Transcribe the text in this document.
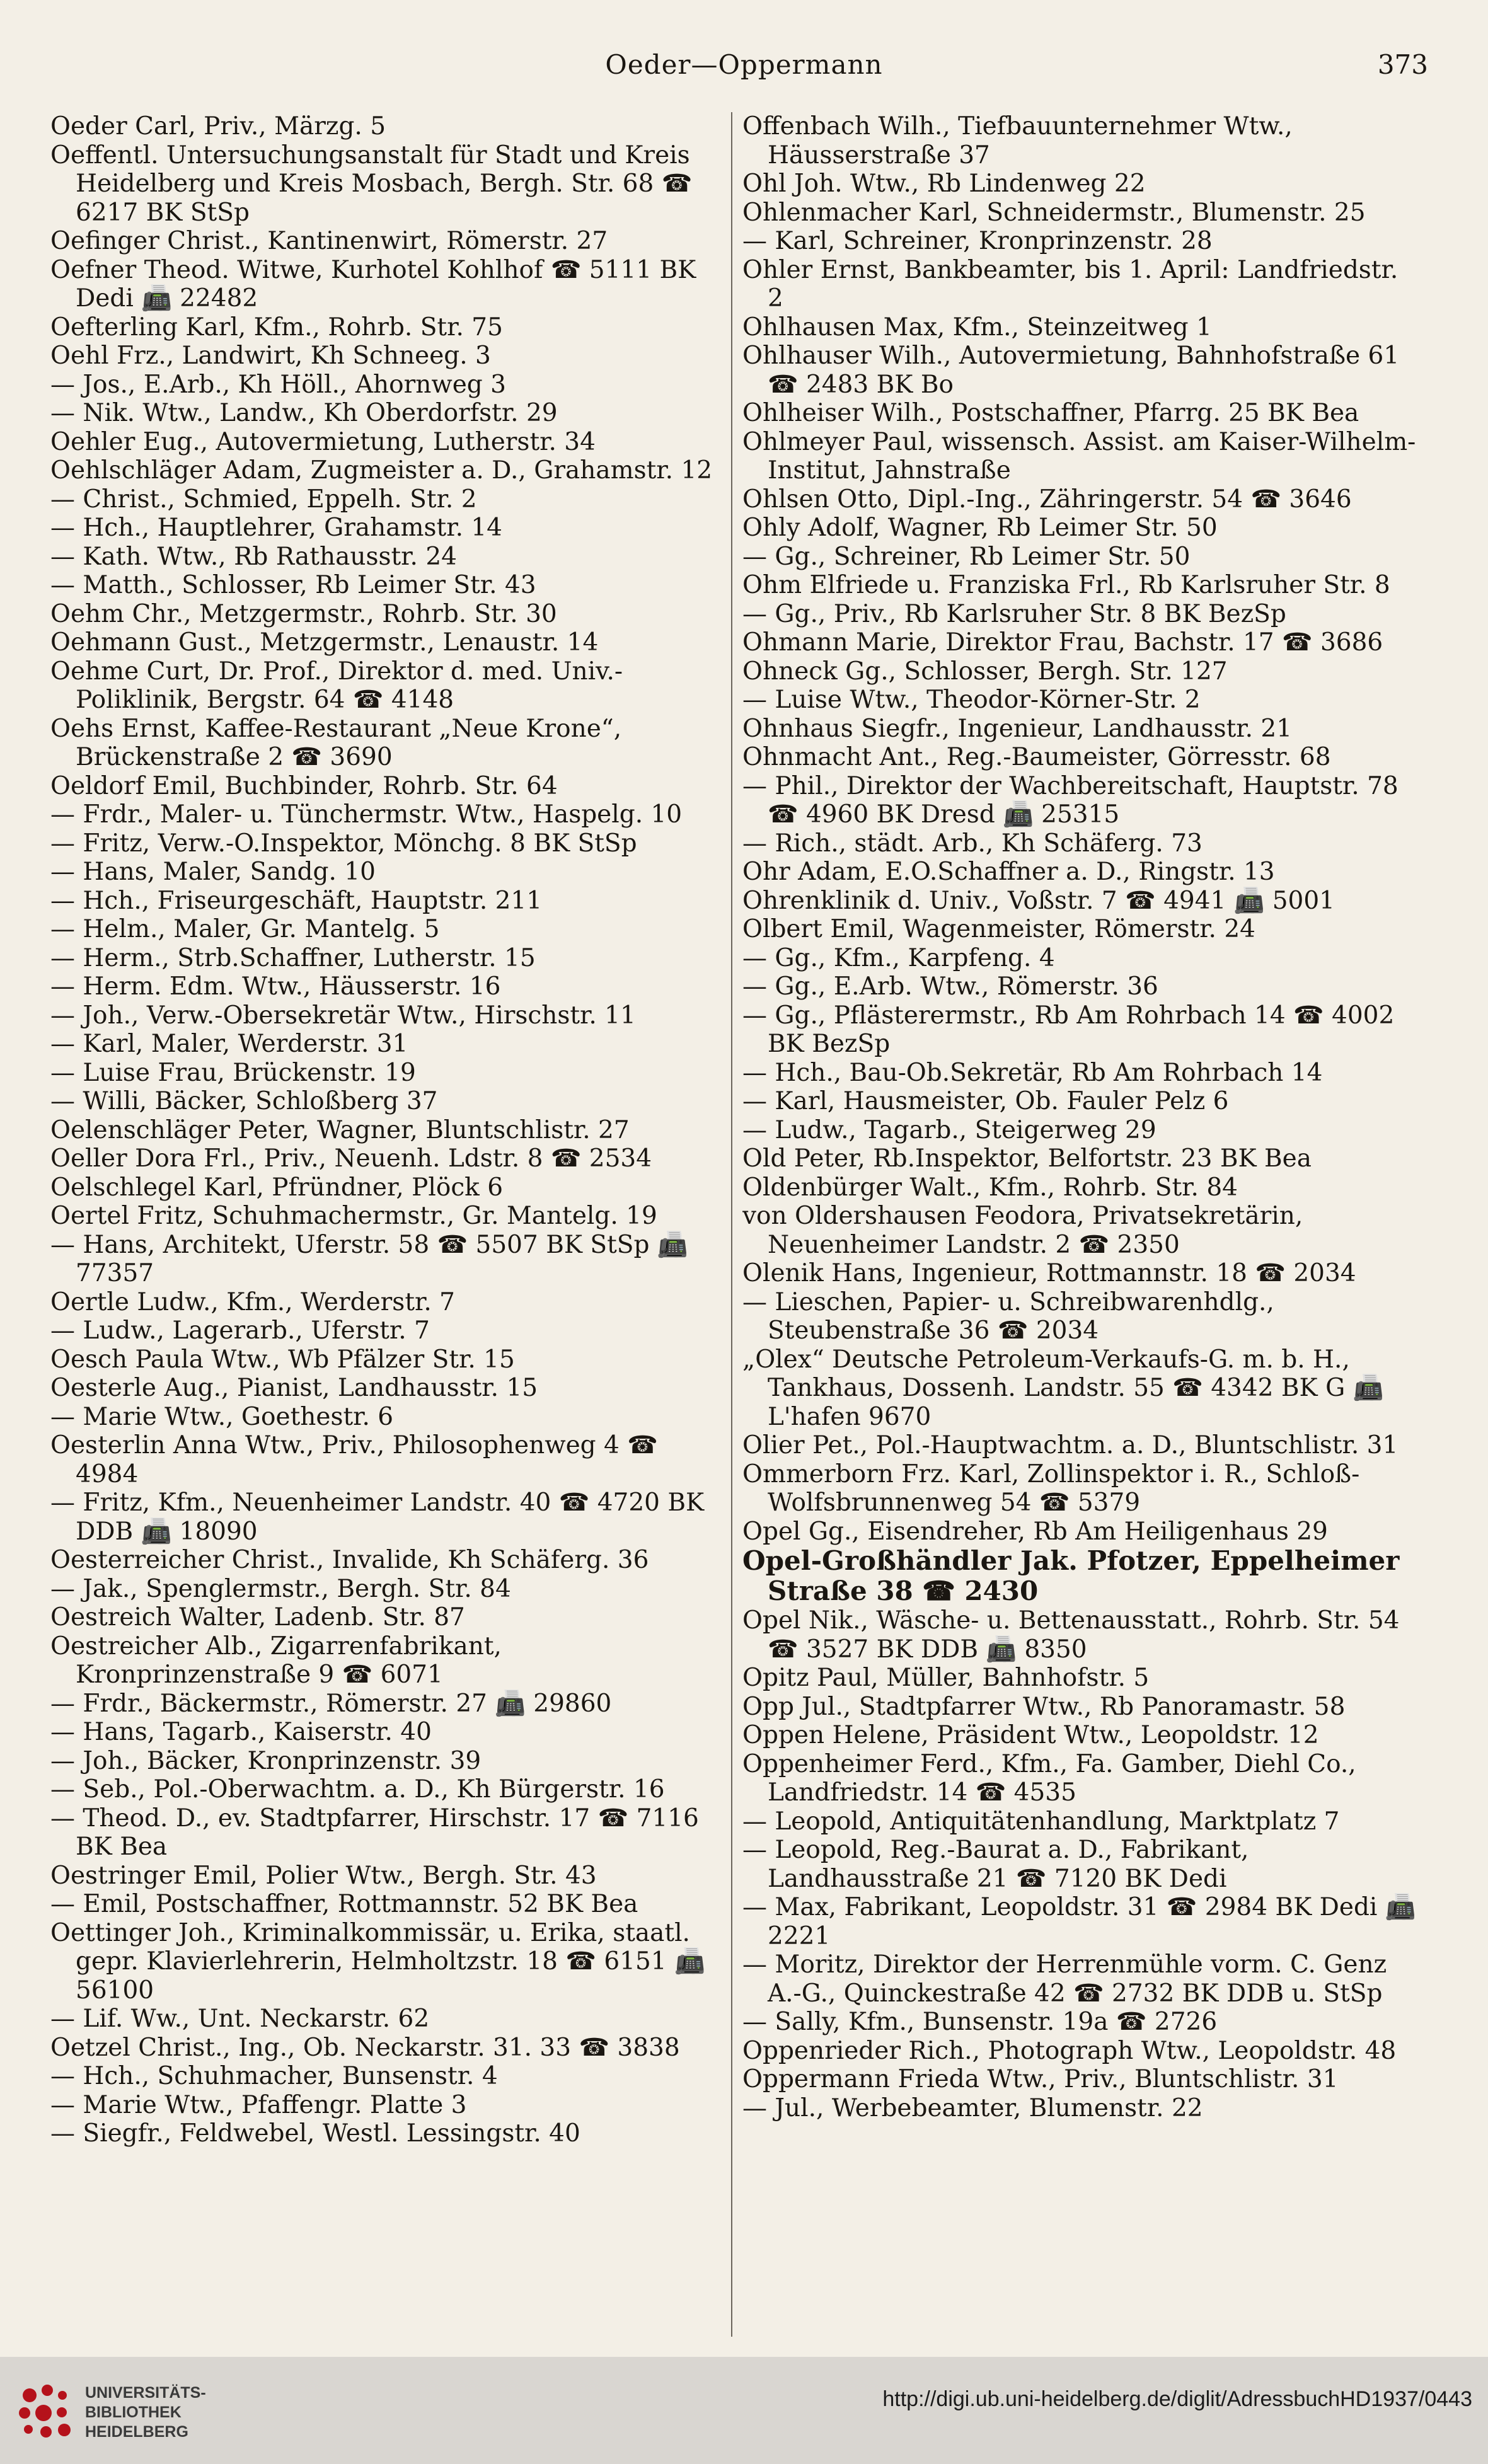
Oeder—Oppermann	373
Oeder Carl, Priv., Märzg. 5
Oeffentl. Untersuchungsanstalt für Stadt und Kreis Heidelberg und Kreis Mosbach, Bergh. Str. 68 ☎ 6217 BK StSp
Oefinger Christ., Kantinenwirt, Römerstr. 27
Oefner Theod. Witwe, Kurhotel Kohlhof ☎ 5111 BK Dedi 📠 22482
Oefterling Karl, Kfm., Rohrb. Str. 75
Oehl Frz., Landwirt, Kh Schneeg. 3
— Jos., E.Arb., Kh Höll., Ahornweg 3
— Nik. Wtw., Landw., Kh Oberdorfstr. 29
Oehler Eug., Autovermietung, Lutherstr. 34
Oehlschläger Adam, Zugmeister a. D., Grahamstr. 12
— Christ., Schmied, Eppelh. Str. 2
— Hch., Hauptlehrer, Grahamstr. 14
— Kath. Wtw., Rb Rathausstr. 24
— Matth., Schlosser, Rb Leimer Str. 43
Oehm Chr., Metzgermstr., Rohrb. Str. 30
Oehmann Gust., Metzgermstr., Lenaustr. 14
Oehme Curt, Dr. Prof., Direktor d. med. Univ.-Poliklinik, Bergstr. 64 ☎ 4148
Oehs Ernst, Kaffee-Restaurant „Neue Krone“, Brückenstraße 2 ☎ 3690
Oeldorf Emil, Buchbinder, Rohrb. Str. 64
— Frdr., Maler- u. Tünchermstr. Wtw., Haspelg. 10
— Fritz, Verw.-O.Inspektor, Mönchg. 8 BK StSp
— Hans, Maler, Sandg. 10
— Hch., Friseurgeschäft, Hauptstr. 211
— Helm., Maler, Gr. Mantelg. 5
— Herm., Strb.Schaffner, Lutherstr. 15
— Herm. Edm. Wtw., Häusserstr. 16
— Joh., Verw.-Obersekretär Wtw., Hirschstr. 11
— Karl, Maler, Werderstr. 31
— Luise Frau, Brückenstr. 19
— Willi, Bäcker, Schloßberg 37
Oelenschläger Peter, Wagner, Bluntschlistr. 27
Oeller Dora Frl., Priv., Neuenh. Ldstr. 8 ☎ 2534
Oelschlegel Karl, Pfründner, Plöck 6
Oertel Fritz, Schuhmachermstr., Gr. Mantelg. 19
— Hans, Architekt, Uferstr. 58 ☎ 5507 BK StSp 📠 77357
Oertle Ludw., Kfm., Werderstr. 7
— Ludw., Lagerarb., Uferstr. 7
Oesch Paula Wtw., Wb Pfälzer Str. 15
Oesterle Aug., Pianist, Landhausstr. 15
— Marie Wtw., Goethestr. 6
Oesterlin Anna Wtw., Priv., Philosophenweg 4 ☎ 4984
— Fritz, Kfm., Neuenheimer Landstr. 40 ☎ 4720 BK DDB 📠 18090
Oesterreicher Christ., Invalide, Kh Schäferg. 36
— Jak., Spenglermstr., Bergh. Str. 84
Oestreich Walter, Ladenb. Str. 87
Oestreicher Alb., Zigarrenfabrikant, Kronprinzenstraße 9 ☎ 6071
— Frdr., Bäckermstr., Römerstr. 27 📠 29860
— Hans, Tagarb., Kaiserstr. 40
— Joh., Bäcker, Kronprinzenstr. 39
— Seb., Pol.-Oberwachtm. a. D., Kh Bürgerstr. 16
— Theod. D., ev. Stadtpfarrer, Hirschstr. 17 ☎ 7116 BK Bea
Oestringer Emil, Polier Wtw., Bergh. Str. 43
— Emil, Postschaffner, Rottmannstr. 52 BK Bea
Oettinger Joh., Kriminalkommissär, u. Erika, staatl. gepr. Klavierlehrerin, Helmholtzstr. 18 ☎ 6151 📠 56100
— Lif. Ww., Unt. Neckarstr. 62
Oetzel Christ., Ing., Ob. Neckarstr. 31. 33 ☎ 3838
— Hch., Schuhmacher, Bunsenstr. 4
— Marie Wtw., Pfaffengr. Platte 3
— Siegfr., Feldwebel, Westl. Lessingstr. 40
Offenbach Wilh., Tiefbauunternehmer Wtw., Häusserstraße 37
Ohl Joh. Wtw., Rb Lindenweg 22
Ohlenmacher Karl, Schneidermstr., Blumenstr. 25
— Karl, Schreiner, Kronprinzenstr. 28
Ohler Ernst, Bankbeamter, bis 1. April: Landfriedstr. 2
Ohlhausen Max, Kfm., Steinzeitweg 1
Ohlhauser Wilh., Autovermietung, Bahnhofstraße 61 ☎ 2483 BK Bo
Ohlheiser Wilh., Postschaffner, Pfarrg. 25 BK Bea
Ohlmeyer Paul, wissensch. Assist. am Kaiser-Wilhelm-Institut, Jahnstraße
Ohlsen Otto, Dipl.-Ing., Zähringerstr. 54 ☎ 3646
Ohly Adolf, Wagner, Rb Leimer Str. 50
— Gg., Schreiner, Rb Leimer Str. 50
Ohm Elfriede u. Franziska Frl., Rb Karlsruher Str. 8
— Gg., Priv., Rb Karlsruher Str. 8 BK BezSp
Ohmann Marie, Direktor Frau, Bachstr. 17 ☎ 3686
Ohneck Gg., Schlosser, Bergh. Str. 127
— Luise Wtw., Theodor-Körner-Str. 2
Ohnhaus Siegfr., Ingenieur, Landhausstr. 21
Ohnmacht Ant., Reg.-Baumeister, Görresstr. 68
— Phil., Direktor der Wachbereitschaft, Hauptstr. 78 ☎ 4960 BK Dresd 📠 25315
— Rich., städt. Arb., Kh Schäferg. 73
Ohr Adam, E.O.Schaffner a. D., Ringstr. 13
Ohrenklinik d. Univ., Voßstr. 7 ☎ 4941 📠 5001
Olbert Emil, Wagenmeister, Römerstr. 24
— Gg., Kfm., Karpfeng. 4
— Gg., E.Arb. Wtw., Römerstr. 36
— Gg., Pflästerermstr., Rb Am Rohrbach 14 ☎ 4002 BK BezSp
— Hch., Bau-Ob.Sekretär, Rb Am Rohrbach 14
— Karl, Hausmeister, Ob. Fauler Pelz 6
— Ludw., Tagarb., Steigerweg 29
Old Peter, Rb.Inspektor, Belfortstr. 23 BK Bea
Oldenbürger Walt., Kfm., Rohrb. Str. 84
von Oldershausen Feodora, Privatsekretärin, Neuenheimer Landstr. 2 ☎ 2350
Olenik Hans, Ingenieur, Rottmannstr. 18 ☎ 2034
— Lieschen, Papier- u. Schreibwarenhdlg., Steubenstraße 36 ☎ 2034
„Olex“ Deutsche Petroleum-Verkaufs-G. m. b. H., Tankhaus, Dossenh. Landstr. 55 ☎ 4342 BK G 📠 L'hafen 9670
Olier Pet., Pol.-Hauptwachtm. a. D., Bluntschlistr. 31
Ommerborn Frz. Karl, Zollinspektor i. R., Schloß-Wolfsbrunnenweg 54 ☎ 5379
Opel Gg., Eisendreher, Rb Am Heiligenhaus 29
Opel-Großhändler Jak. Pfotzer, Eppelheimer Straße 38 ☎ 2430
Opel Nik., Wäsche- u. Bettenausstatt., Rohrb. Str. 54 ☎ 3527 BK DDB 📠 8350
Opitz Paul, Müller, Bahnhofstr. 5
Opp Jul., Stadtpfarrer Wtw., Rb Panoramastr. 58
Oppen Helene, Präsident Wtw., Leopoldstr. 12
Oppenheimer Ferd., Kfm., Fa. Gamber, Diehl Co., Landfriedstr. 14 ☎ 4535
— Leopold, Antiquitätenhandlung, Marktplatz 7
— Leopold, Reg.-Baurat a. D., Fabrikant, Landhausstraße 21 ☎ 7120 BK Dedi
— Max, Fabrikant, Leopoldstr. 31 ☎ 2984 BK Dedi 📠 2221
— Moritz, Direktor der Herrenmühle vorm. C. Genz A.-G., Quinckestraße 42 ☎ 2732 BK DDB u. StSp
— Sally, Kfm., Bunsenstr. 19a ☎ 2726
Oppenrieder Rich., Photograph Wtw., Leopoldstr. 48
Oppermann Frieda Wtw., Priv., Bluntschlistr. 31
— Jul., Werbebeamter, Blumenstr. 22
UNIVERSITÄTS-
BIBLIOTHEK
HEIDELBERG
http://digi.ub.uni-heidelberg.de/diglit/AdressbuchHD1937/0443
